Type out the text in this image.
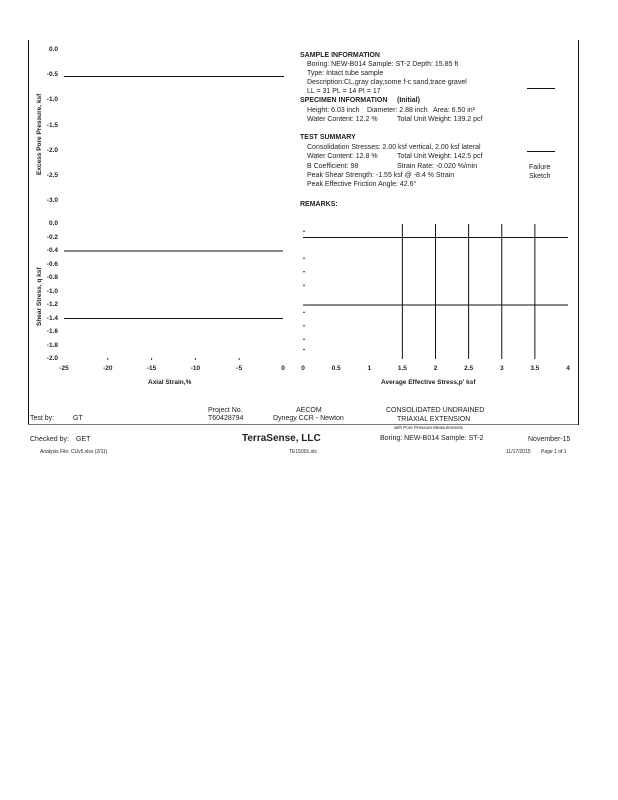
Excess Pore Pressure, ksf
0.0
-0.5
-1.0
-1.5
-2.0
-2.5
-3.0
SAMPLE INFORMATION
Boring: NEW-B014 Sample: ST-2 Depth: 15.85 ft
Type: Intact tube sample
Description:CL,gray clay,some f-c sand,trace gravel
LL = 31 PL = 14 PI = 17
SPECIMEN INFORMATION (Initial)
Height: 6.03 inch Diameter: 2.88 inch Area: 6.50 in²
Water Content: 12.2 %	Total Unit Weight: 139.2 pcf
TEST SUMMARY
Consolidation Stresses: 2.00 ksf vertical, 2.00 ksf lateral
Water Content: 12.8 %	Total Unit Weight: 142.5 pcf
B Coefficient: 98	Strain Rate: -0.020 %/min
Peak Shear Strength: -1.55 ksf @ -8.4 % Strain
Peak Effective Friction Angle: 42.6°
Failure
Sketch
REMARKS:
Shear Stress, q ksf
0.0
-0.2
-0.4
-0.6
-0.8
-1.0
-1.2
-1.4
-1.6
-1.8
-2.0
-25	-20	-15	-10	-5	0
Axial Strain,%
0	0.5	1	1.5	2	2.5	3	3.5	4
Average Effective Stress,p' ksf
Test by:	GT
Checked by: GET
Project No.
T60428794
AECOM
Dynegy CCR - Newton
CONSOLIDATED UNDRAINED
TRIAXIAL EXTENSION
with Pore Pressure Measurements
TerraSense, LLC	Boring: NEW-B014 Sample: ST-2	November-15
Analysis File: CUv5.xlsx (2/11)	TE15001.xls	11/17/2015 Page 1 of 1
